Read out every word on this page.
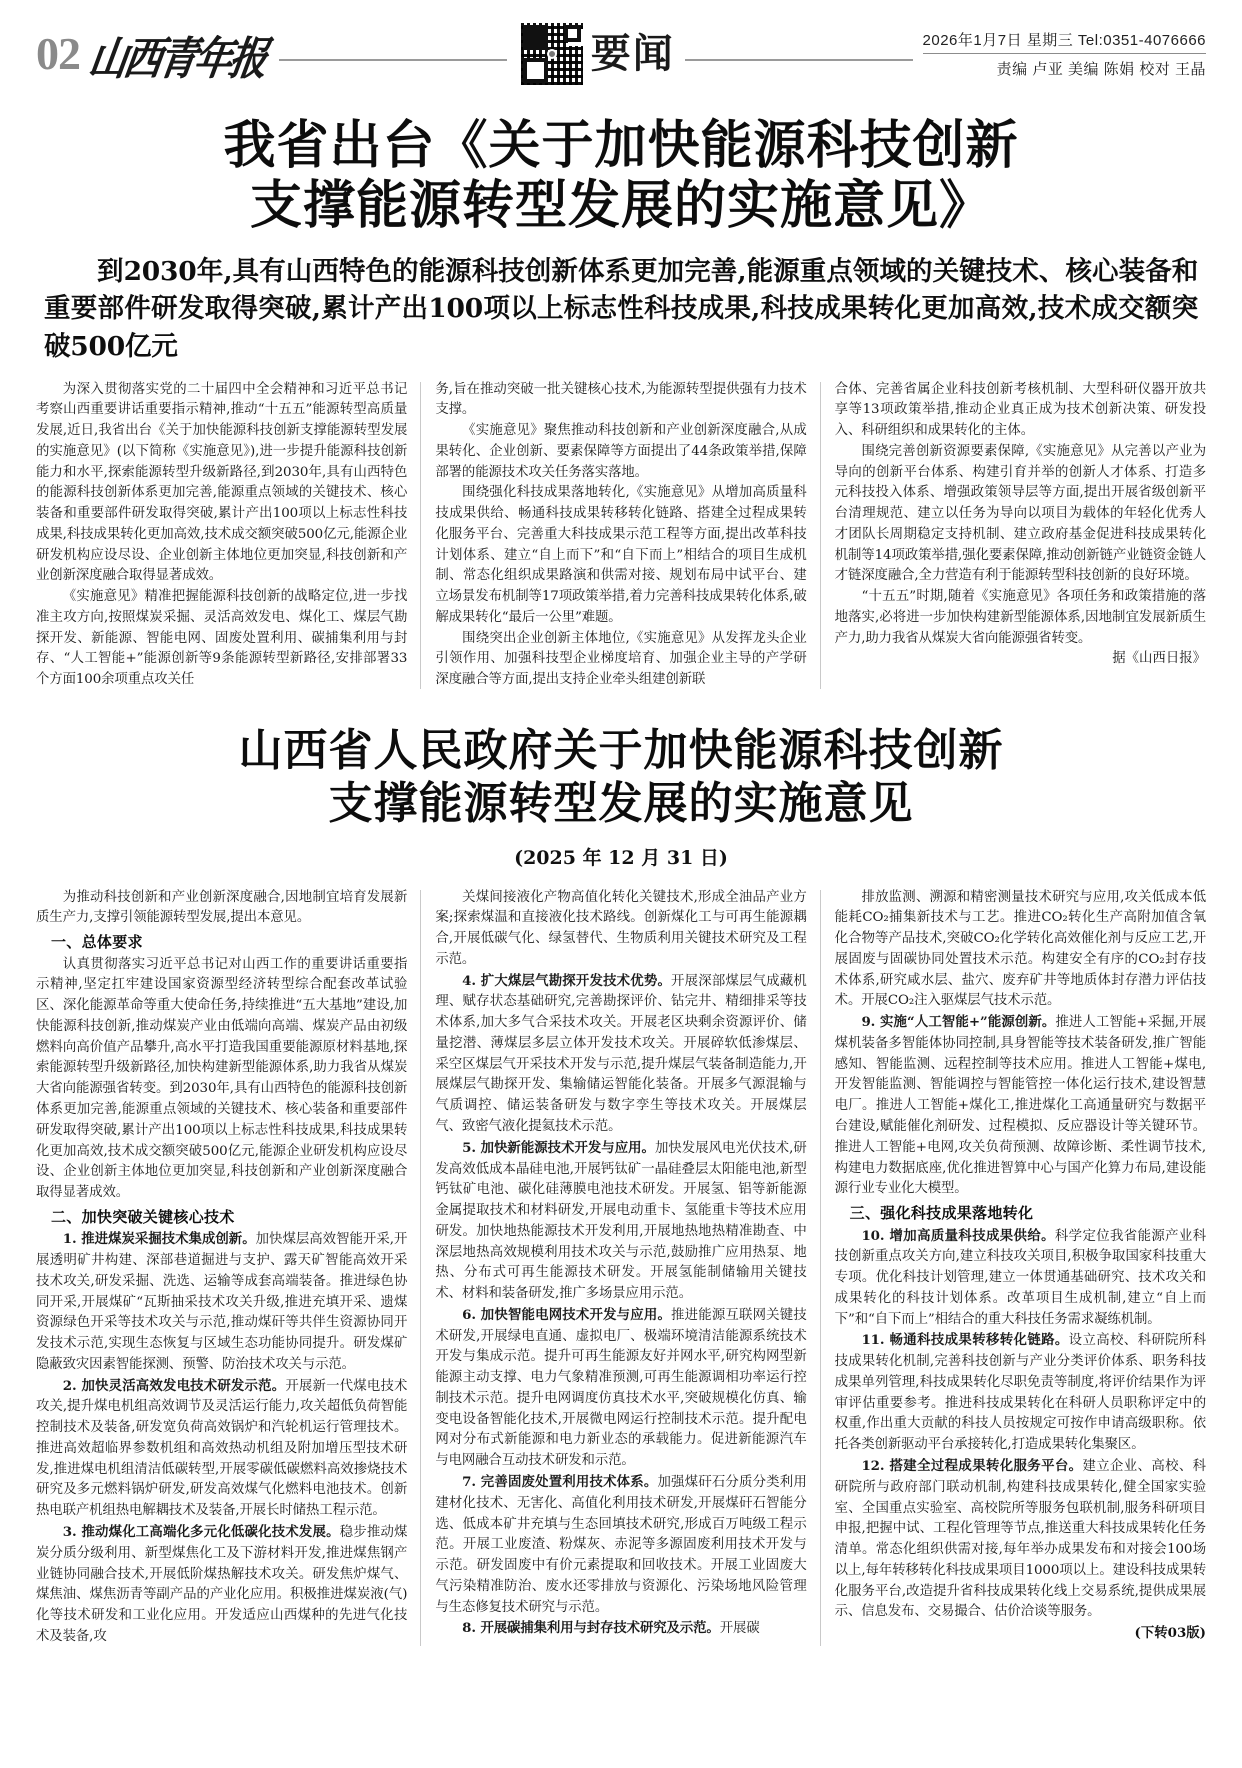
02 山西青年报	要闻	2026年1月7日 星期三 Tel:0351-4076666
责编 卢亚 美编 陈娟 校对 王晶
我省出台《关于加快能源科技创新
支撑能源转型发展的实施意见》
到2030年,具有山西特色的能源科技创新体系更加完善,能源重点领域的关键技术、核心装备和重要部件研发取得突破,累计产出100项以上标志性科技成果,科技成果转化更加高效,技术成交额突破500亿元

为深入贯彻落实党的二十届四中全会精神和习近平总书记考察山西重要讲话重要指示精神,推动“十五五”能源转型高质量发展,近日,我省出台《关于加快能源科技创新支撑能源转型发展的实施意见》(以下简称《实施意见》),进一步提升能源科技创新能力和水平,探索能源转型升级新路径,到2030年,具有山西特色的能源科技创新体系更加完善,能源重点领域的关键技术、核心装备和重要部件研发取得突破,累计产出100项以上标志性科技成果,科技成果转化更加高效,技术成交额突破500亿元,能源企业研发机构应设尽设、企业创新主体地位更加突显,科技创新和产业创新深度融合取得显著成效。

《实施意见》精准把握能源科技创新的战略定位,进一步找准主攻方向,按照煤炭采掘、灵活高效发电、煤化工、煤层气勘探开发、新能源、智能电网、固废处置利用、碳捕集利用与封存、“人工智能+”能源创新等9条能源转型新路径,安排部署33个方面100余项重点攻关任

务,旨在推动突破一批关键核心技术,为能源转型提供强有力技术支撑。

《实施意见》聚焦推动科技创新和产业创新深度融合,从成果转化、企业创新、要素保障等方面提出了44条政策举措,保障部署的能源技术攻关任务落实落地。

围绕强化科技成果落地转化,《实施意见》从增加高质量科技成果供给、畅通科技成果转移转化链路、搭建全过程成果转化服务平台、完善重大科技成果示范工程等方面,提出改革科技计划体系、建立“自上而下”和“自下而上”相结合的项目生成机制、常态化组织成果路演和供需对接、规划布局中试平台、建立场景发布机制等17项政策举措,着力完善科技成果转化体系,破解成果转化“最后一公里”难题。

围绕突出企业创新主体地位,《实施意见》从发挥龙头企业引领作用、加强科技型企业梯度培育、加强企业主导的产学研深度融合等方面,提出支持企业牵头组建创新联

合体、完善省属企业科技创新考核机制、大型科研仪器开放共享等13项政策举措,推动企业真正成为技术创新决策、研发投入、科研组织和成果转化的主体。

围绕完善创新资源要素保障,《实施意见》从完善以产业为导向的创新平台体系、构建引育并举的创新人才体系、打造多元科技投入体系、增强政策领导层等方面,提出开展省级创新平台清理规范、建立以任务为导向以项目为载体的年轻化优秀人才团队长周期稳定支持机制、建立政府基金促进科技成果转化机制等14项政策举措,强化要素保障,推动创新链产业链资金链人才链深度融合,全力营造有利于能源转型科技创新的良好环境。

“十五五”时期,随着《实施意见》各项任务和政策措施的落地落实,必将进一步加快构建新型能源体系,因地制宜发展新质生产力,助力我省从煤炭大省向能源强省转变。

据《山西日报》

山西省人民政府关于加快能源科技创新
支撑能源转型发展的实施意见
(2025 年 12 月 31 日)

为推动科技创新和产业创新深度融合,因地制宜培育发展新质生产力,支撑引领能源转型发展,提出本意见。

一、总体要求

认真贯彻落实习近平总书记对山西工作的重要讲话重要指示精神,坚定扛牢建设国家资源型经济转型综合配套改革试验区、深化能源革命等重大使命任务,持续推进“五大基地”建设,加快能源科技创新,推动煤炭产业由低端向高端、煤炭产品由初级燃料向高价值产品攀升,高水平打造我国重要能源原材料基地,探索能源转型升级新路径,加快构建新型能源体系,助力我省从煤炭大省向能源强省转变。到2030年,具有山西特色的能源科技创新体系更加完善,能源重点领域的关键技术、核心装备和重要部件研发取得突破,累计产出100项以上标志性科技成果,科技成果转化更加高效,技术成交额突破500亿元,能源企业研发机构应设尽设、企业创新主体地位更加突显,科技创新和产业创新深度融合取得显著成效。

二、加快突破关键核心技术

1. 推进煤炭采掘技术集成创新。加快煤层高效智能开采,开展透明矿井构建、深部巷道掘进与支护、露天矿智能高效开采技术攻关,研发采掘、洗选、运输等成套高端装备。推进绿色协同开采,开展煤矿“瓦斯抽采技术攻关升级,推进充填开采、遗煤资源绿色开采等技术攻关与示范,推动煤矸等共伴生资源协同开发技术示范,实现生态恢复与区域生态功能协同提升。研发煤矿隐蔽致灾因素智能探测、预警、防治技术攻关与示范。

2. 加快灵活高效发电技术研发示范。开展新一代煤电技术攻关,提升煤电机组高效调节及灵活运行能力,攻关超低负荷智能控制技术及装备,研发宽负荷高效锅炉和汽轮机运行管理技术。推进高效超临界参数机组和高效热动机组及附加增压型技术研发,推进煤电机组清洁低碳转型,开展零碳低碳燃料高效掺烧技术研究及多元燃料锅炉研发,研发高效煤气化燃料电池技术。创新热电联产机组热电解耦技术及装备,开展长时储热工程示范。

3. 推动煤化工高端化多元化低碳化技术发展。稳步推动煤炭分质分级利用、新型煤焦化工及下游材料开发,推进煤焦钢产业链协同融合技术,开展低阶煤热解技术攻关。研发焦炉煤气、煤焦油、煤焦沥青等副产品的产业化应用。积极推进煤炭液(气)化等技术研发和工业化应用。开发适应山西煤种的先进气化技术及装备,攻

关煤间接液化产物高值化转化关键技术,形成全油品产业方案;探索煤温和直接液化技术路线。创新煤化工与可再生能源耦合,开展低碳气化、绿氢替代、生物质利用关键技术研究及工程示范。

4. 扩大煤层气勘探开发技术优势。开展深部煤层气成藏机理、赋存状态基础研究,完善勘探评价、钻完井、精细排采等技术体系,加大多气合采技术攻关。开展老区块剩余资源评价、储量挖潜、薄煤层多层立体开发技术攻关。开展碎软低渗煤层、采空区煤层气开采技术开发与示范,提升煤层气装备制造能力,开展煤层气勘探开发、集输储运智能化装备。开展多气源混输与气质调控、储运装备研发与数字孪生等技术攻关。开展煤层气、致密气液化提氦技术示范。

5. 加快新能源技术开发与应用。加快发展风电光伏技术,研发高效低成本晶硅电池,开展钙钛矿一晶硅叠层太阳能电池,新型钙钛矿电池、碳化硅薄膜电池技术研发。开展氢、铝等新能源金属提取技术和材料研发,开展电动重卡、氢能重卡等技术应用研发。加快地热能源技术开发利用,开展地热地热精准勘查、中深层地热高效规模利用技术攻关与示范,鼓励推广应用热泵、地热、分布式可再生能源技术研发。开展氢能制储输用关键技术、材料和装备研发,推广多场景应用示范。

6. 加快智能电网技术开发与应用。推进能源互联网关键技术研发,开展绿电直通、虚拟电厂、极端环境清洁能源系统技术开发与集成示范。提升可再生能源友好并网水平,研究构网型新能源主动支撑、电力气象精准预测,可再生能源调相功率运行控制技术示范。提升电网调度仿真技术水平,突破规模化仿真、输变电设备智能化技术,开展微电网运行控制技术示范。提升配电网对分布式新能源和电力新业态的承载能力。促进新能源汽车与电网融合互动技术研发和示范。

7. 完善固废处置利用技术体系。加强煤矸石分质分类利用建材化技术、无害化、高值化利用技术研发,开展煤矸石智能分选、低成本矿井充填与生态回填技术研究,形成百万吨级工程示范。开展工业废渣、粉煤灰、赤泥等多源固废利用技术开发与示范。研发固废中有价元素提取和回收技术。开展工业固废大气污染精准防治、废水还零排放与资源化、污染场地风险管理与生态修复技术研究与示范。

8. 开展碳捕集利用与封存技术研究及示范。开展碳

排放监测、溯源和精密测量技术研究与应用,攻关低成本低能耗CO₂捕集新技术与工艺。推进CO₂转化生产高附加值含氧化合物等产品技术,突破CO₂化学转化高效催化剂与反应工艺,开展固废与固碳协同处置技术示范。构建安全有序的CO₂封存技术体系,研究咸水层、盐穴、废弃矿井等地质体封存潜力评估技术。开展CO₂注入驱煤层气技术示范。

9. 实施“人工智能+”能源创新。推进人工智能+采掘,开展煤机装备多智能体协同控制,具身智能等技术装备研发,推广智能感知、智能监测、远程控制等技术应用。推进人工智能+煤电,开发智能监测、智能调控与智能管控一体化运行技术,建设智慧电厂。推进人工智能+煤化工,推进煤化工高通量研究与数据平台建设,赋能催化剂研发、过程模拟、反应器设计等关键环节。推进人工智能+电网,攻关负荷预测、故障诊断、柔性调节技术,构建电力数据底座,优化推进智算中心与国产化算力布局,建设能源行业专业化大模型。

三、强化科技成果落地转化

10. 增加高质量科技成果供给。科学定位我省能源产业科技创新重点攻关方向,建立科技攻关项目,积极争取国家科技重大专项。优化科技计划管理,建立一体贯通基础研究、技术攻关和成果转化的科技计划体系。改革项目生成机制,建立“自上而下”和“自下而上”相结合的重大科技任务需求凝练机制。

11. 畅通科技成果转移转化链路。设立高校、科研院所科技成果转化机制,完善科技创新与产业分类评价体系、职务科技成果单列管理,科技成果转化尽职免责等制度,将评价结果作为评审评估重要参考。推进科技成果转化在科研人员职称评定中的权重,作出重大贡献的科技人员按规定可按作申请高级职称。依托各类创新驱动平台承接转化,打造成果转化集聚区。

12. 搭建全过程成果转化服务平台。建立企业、高校、科研院所与政府部门联动机制,构建科技成果转化,健全国家实验室、全国重点实验室、高校院所等服务包联机制,服务科研项目申报,把握中试、工程化管理等节点,推送重大科技成果转化任务清单。常态化组织供需对接,每年举办成果发布和对接会100场以上,每年转移转化科技成果项目1000项以上。建设科技成果转化服务平台,改造提升省科技成果转化线上交易系统,提供成果展示、信息发布、交易撮合、估价洽谈等服务。

(下转03版)
